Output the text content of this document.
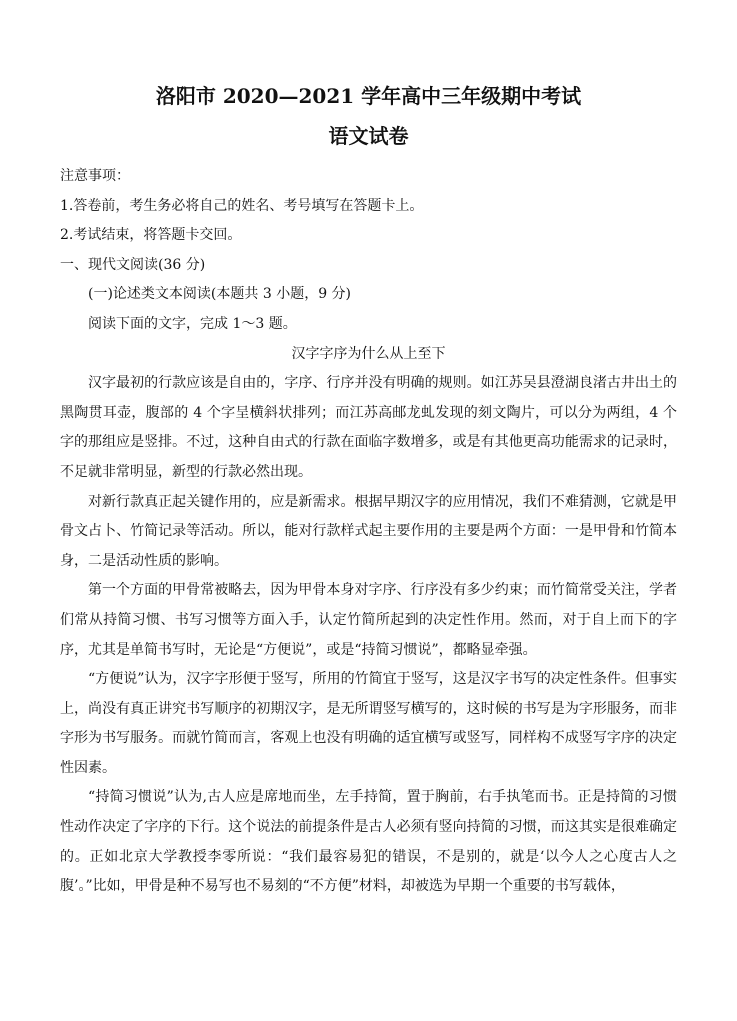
洛阳市 2020—2021 学年高中三年级期中考试
语文试卷

注意事项：

1.答卷前，考生务必将自己的姓名、考号填写在答题卡上。

2.考试结束，将答题卡交回。

一、现代文阅读(36 分)

(一)论述类文本阅读(本题共 3 小题，9 分)

阅读下面的文字，完成 1～3 题。

汉字字序为什么从上至下

汉字最初的行款应该是自由的，字序、行序并没有明确的规则。如江苏吴县澄湖良渚古井出土的黑陶贯耳壶，腹部的 4 个字呈横斜状排列；而江苏高邮龙虬发现的刻文陶片，可以分为两组，4 个字的那组应是竖排。不过，这种自由式的行款在面临字数增多，或是有其他更高功能需求的记录时，不足就非常明显，新型的行款必然出现。

对新行款真正起关键作用的，应是新需求。根据早期汉字的应用情况，我们不难猜测，它就是甲骨文占卜、竹简记录等活动。所以，能对行款样式起主要作用的主要是两个方面：一是甲骨和竹简本身，二是活动性质的影响。

第一个方面的甲骨常被略去，因为甲骨本身对字序、行序没有多少约束；而竹简常受关注，学者们常从持简习惯、书写习惯等方面入手，认定竹简所起到的决定性作用。然而，对于自上而下的字序，尤其是单简书写时，无论是“方便说”，或是“持简习惯说”，都略显牵强。

“方便说”认为，汉字字形便于竖写，所用的竹简宜于竖写，这是汉字书写的决定性条件。但事实上，尚没有真正讲究书写顺序的初期汉字，是无所谓竖写横写的，这时候的书写是为字形服务，而非字形为书写服务。而就竹简而言，客观上也没有明确的适宜横写或竖写，同样构不成竖写字序的决定性因素。

“持简习惯说”认为,古人应是席地而坐，左手持简，置于胸前，右手执笔而书。正是持简的习惯性动作决定了字序的下行。这个说法的前提条件是古人必须有竖向持简的习惯，而这其实是很难确定的。正如北京大学教授李零所说：“我们最容易犯的错误，不是别的，就是‘以今人之心度古人之腹’。”比如，甲骨是种不易写也不易刻的“不方便”材料，却被选为早期一个重要的书写载体，
